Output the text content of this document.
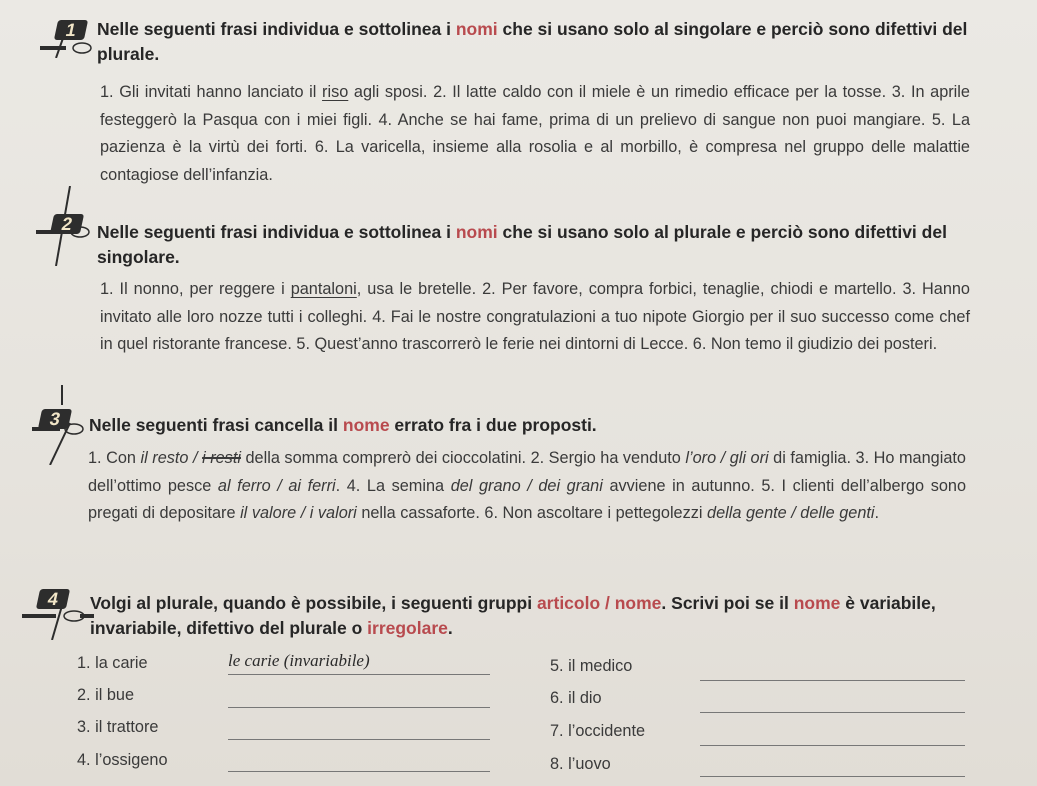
1	Nelle seguenti frasi individua e sottolinea i nomi che si usano solo al singolare e perciò sono difettivi del plurale.

1. Gli invitati hanno lanciato il riso agli sposi. 2. Il latte caldo con il miele è un rimedio efficace per la tosse. 3. In aprile festeggerò la Pasqua con i miei figli. 4. Anche se hai fame, prima di un prelievo di sangue non puoi mangiare. 5. La pazienza è la virtù dei forti. 6. La varicella, insieme alla rosolia e al morbillo, è compresa nel gruppo delle malattie contagiose dell’infanzia.

2	Nelle seguenti frasi individua e sottolinea i nomi che si usano solo al plurale e perciò sono difettivi del singolare.

1. Il nonno, per reggere i pantaloni, usa le bretelle. 2. Per favore, compra forbici, tenaglie, chiodi e martello. 3. Hanno invitato alle loro nozze tutti i colleghi. 4. Fai le nostre congratulazioni a tuo nipote Giorgio per il suo successo come chef in quel ristorante francese. 5. Quest’anno trascorrerò le ferie nei dintorni di Lecce. 6. Non temo il giudizio dei posteri.

3	Nelle seguenti frasi cancella il nome errato fra i due proposti.

1. Con il resto / i resti della somma comprerò dei cioccolatini. 2. Sergio ha venduto l’oro / gli ori di famiglia. 3. Ho mangiato dell’ottimo pesce al ferro / ai ferri. 4. La semina del grano / dei grani avviene in autunno. 5. I clienti dell’albergo sono pregati di depositare il valore / i valori nella cassaforte. 6. Non ascoltare i pettegolezzi della gente / delle genti.

4	Volgi al plurale, quando è possibile, i seguenti gruppi articolo / nome. Scrivi poi se il nome è variabile, invariabile, difettivo del plurale o irregolare.
1. la carie	le carie (invariabile)
2. il bue
3. il trattore
4. l’ossigeno
5. il medico
6. il dio
7. l’occidente
8. l’uovo
